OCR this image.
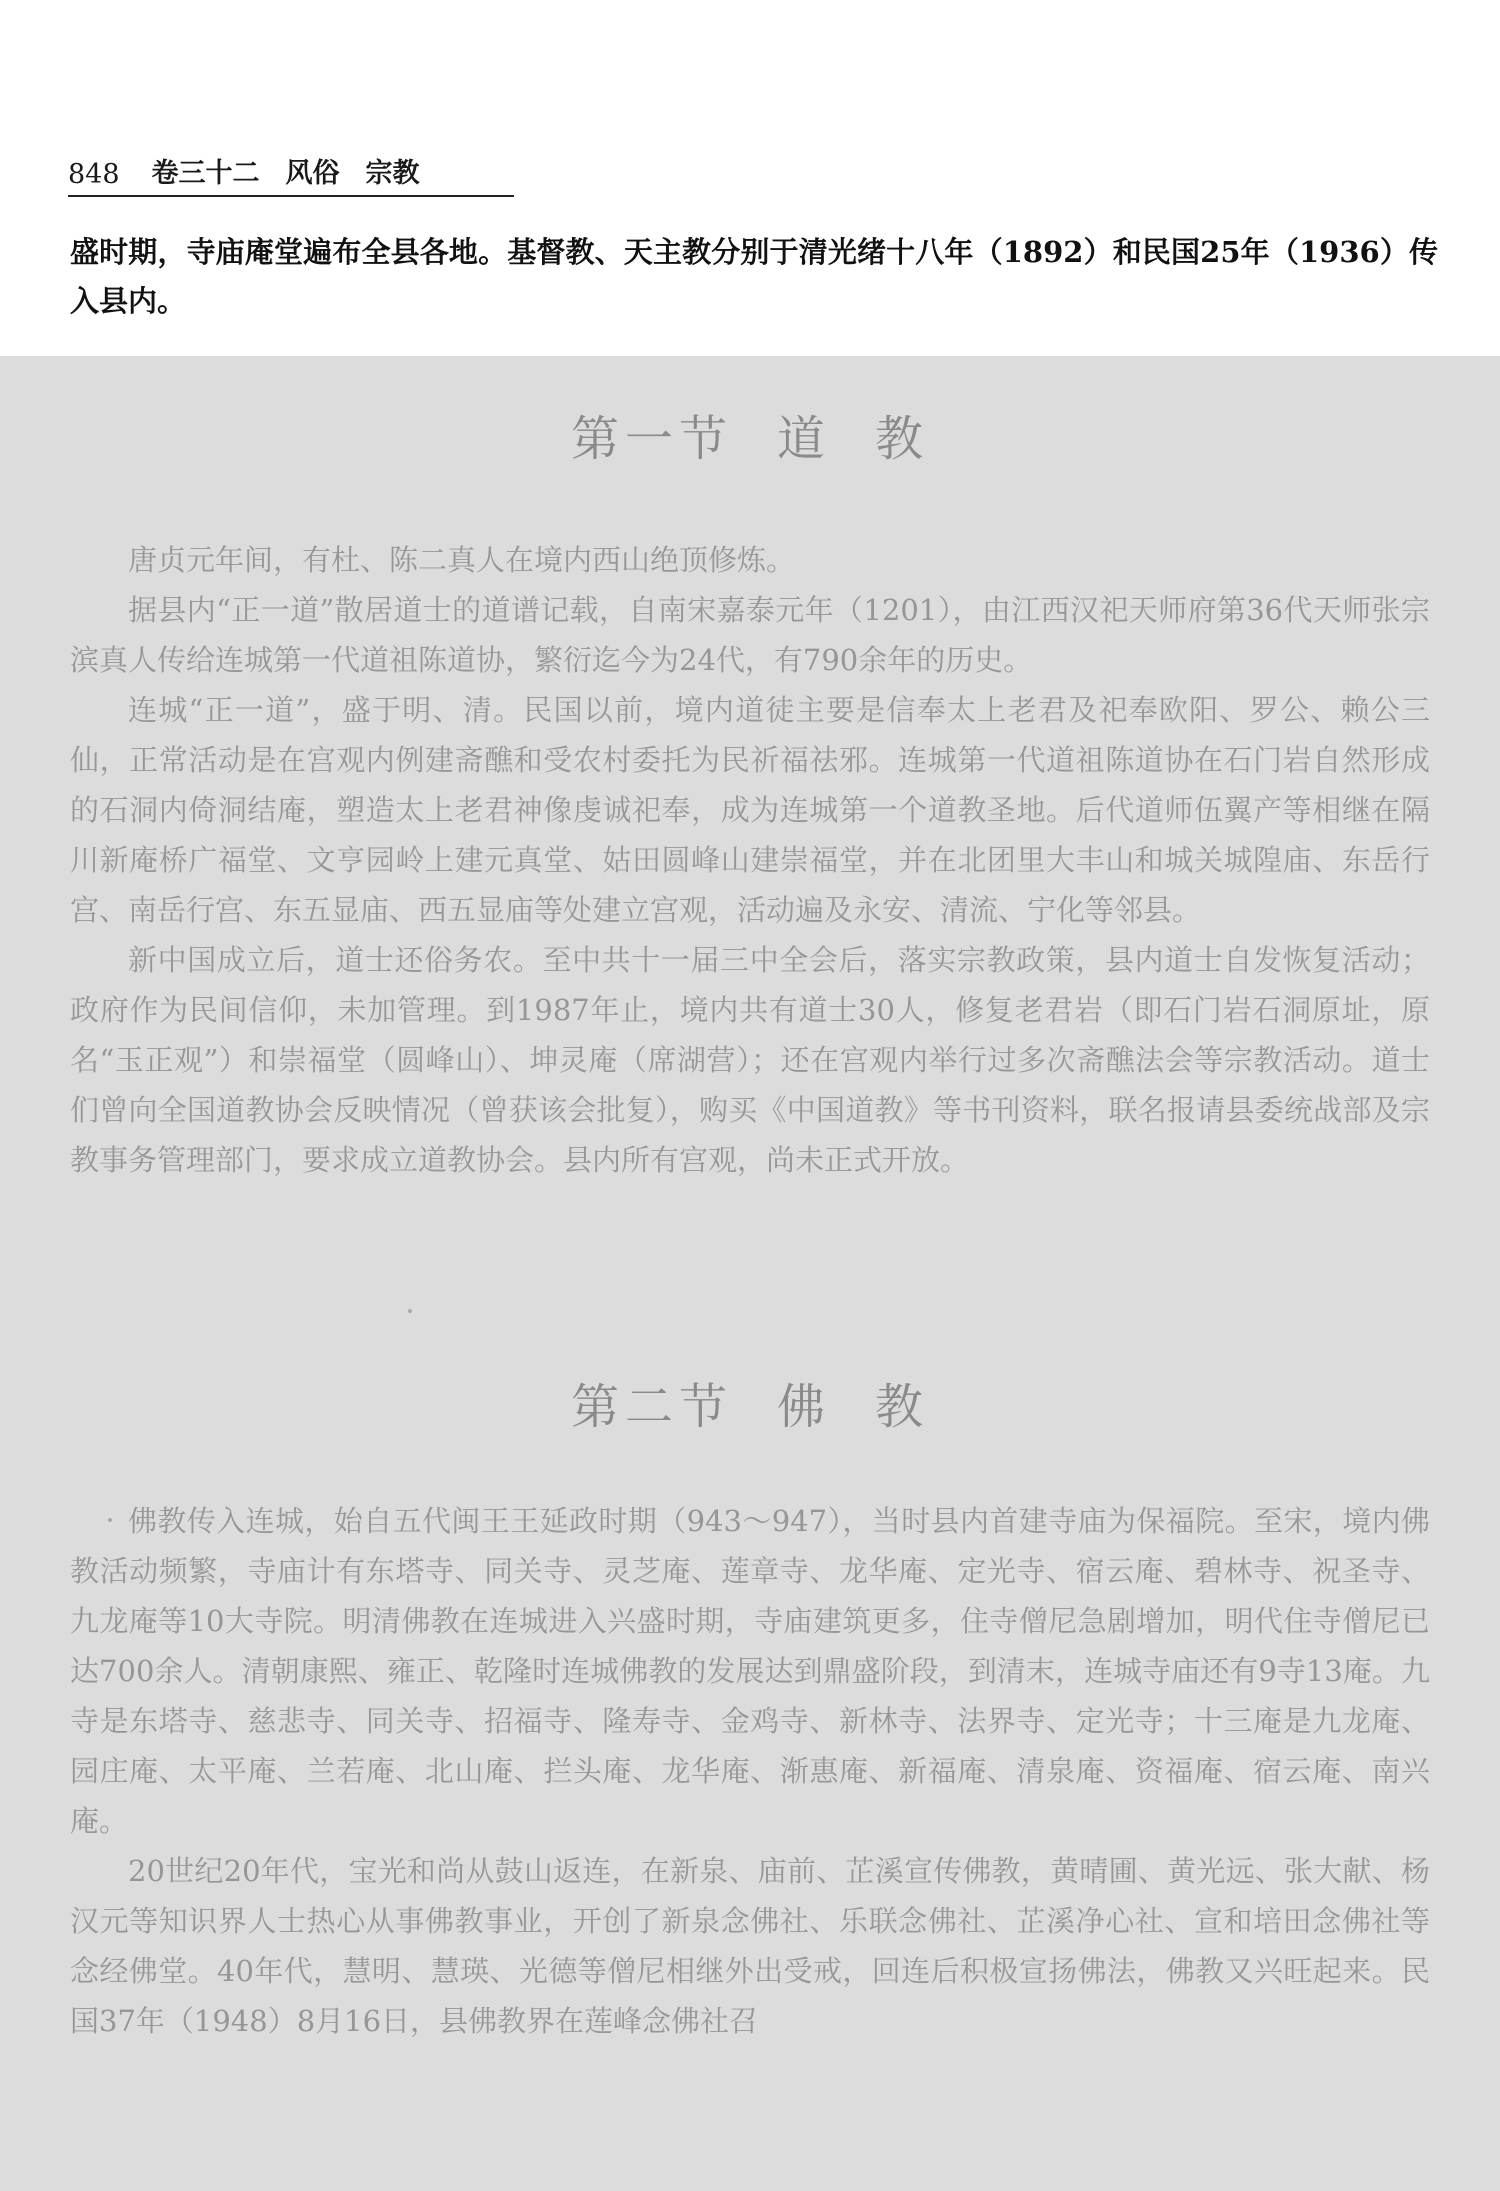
848 卷三十二 风俗 宗教

盛时期，寺庙庵堂遍布全县各地。基督教、天主教分别于清光绪十八年（1892）和民国25年（1936）传入县内。

第一节 道 教

唐贞元年间，有杜、陈二真人在境内西山绝顶修炼。

据县内“正一道”散居道士的道谱记载，自南宋嘉泰元年（1201），由江西汉祀天师府第36代天师张宗滨真人传给连城第一代道祖陈道协，繁衍迄今为24代，有790余年的历史。

连城“正一道”，盛于明、清。民国以前，境内道徒主要是信奉太上老君及祀奉欧阳、罗公、赖公三仙，正常活动是在宫观内例建斋醮和受农村委托为民祈福祛邪。连城第一代道祖陈道协在石门岩自然形成的石洞内倚洞结庵，塑造太上老君神像虔诚祀奉，成为连城第一个道教圣地。后代道师伍翼产等相继在隔川新庵桥广福堂、文亨园岭上建元真堂、姑田圆峰山建崇福堂，并在北团里大丰山和城关城隍庙、东岳行宫、南岳行宫、东五显庙、西五显庙等处建立宫观，活动遍及永安、清流、宁化等邻县。

新中国成立后，道士还俗务农。至中共十一届三中全会后，落实宗教政策，县内道士自发恢复活动；政府作为民间信仰，未加管理。到1987年止，境内共有道士30人，修复老君岩（即石门岩石洞原址，原名“玉正观”）和崇福堂（圆峰山）、坤灵庵（席湖营）；还在宫观内举行过多次斋醮法会等宗教活动。道士们曾向全国道教协会反映情况（曾获该会批复），购买《中国道教》等书刊资料，联名报请县委统战部及宗教事务管理部门，要求成立道教协会。县内所有宫观，尚未正式开放。

第二节 佛 教

佛教传入连城，始自五代闽王王延政时期（943～947），当时县内首建寺庙为保福院。至宋，境内佛教活动频繁，寺庙计有东塔寺、同关寺、灵芝庵、莲章寺、龙华庵、定光寺、宿云庵、碧林寺、祝圣寺、九龙庵等10大寺院。明清佛教在连城进入兴盛时期，寺庙建筑更多，住寺僧尼急剧增加，明代住寺僧尼已达700余人。清朝康熙、雍正、乾隆时连城佛教的发展达到鼎盛阶段，到清末，连城寺庙还有9寺13庵。九寺是东塔寺、慈悲寺、同关寺、招福寺、隆寿寺、金鸡寺、新林寺、法界寺、定光寺；十三庵是九龙庵、园庄庵、太平庵、兰若庵、北山庵、拦头庵、龙华庵、渐惠庵、新福庵、清泉庵、资福庵、宿云庵、南兴庵。

20世纪20年代，宝光和尚从鼓山返连，在新泉、庙前、芷溪宣传佛教，黄晴圃、黄光远、张大献、杨汉元等知识界人士热心从事佛教事业，开创了新泉念佛社、乐联念佛社、芷溪净心社、宣和培田念佛社等念经佛堂。40年代，慧明、慧瑛、光德等僧尼相继外出受戒，回连后积极宣扬佛法，佛教又兴旺起来。民国37年（1948）8月16日，县佛教界在莲峰念佛社召
